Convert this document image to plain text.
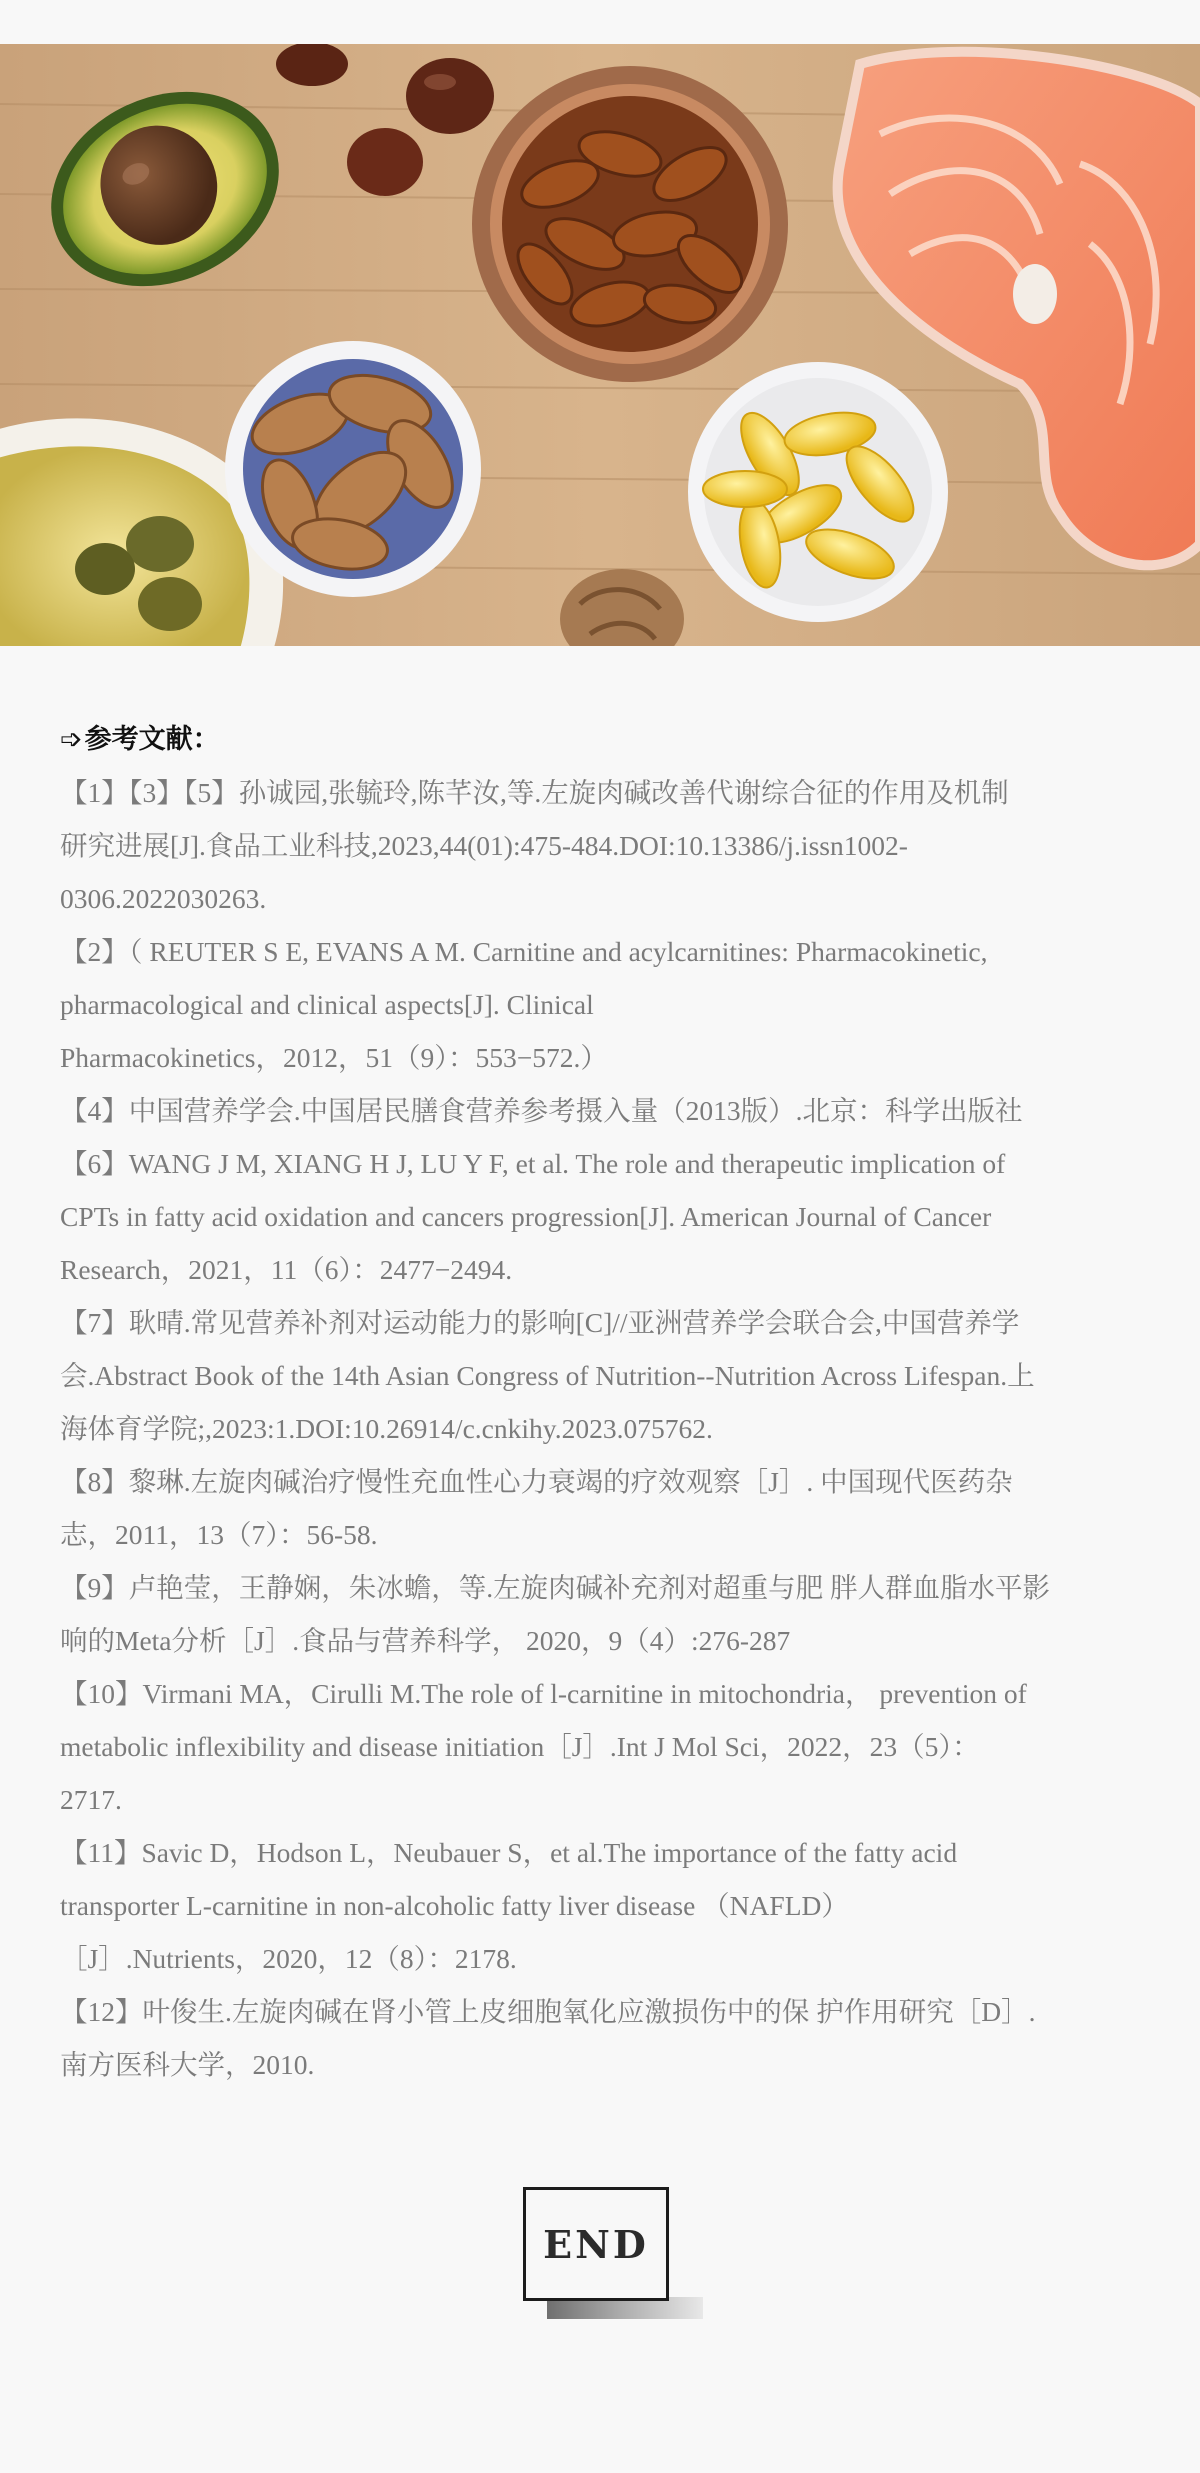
➩参考文献：
【1】【3】【5】孙诚园,张毓玲,陈芊汝,等.左旋肉碱改善代谢综合征的作用及机制
研究进展[J].食品工业科技,2023,44(01):475-484.DOI:10.13386/j.issn1002-
0306.2022030263.
【2】（ REUTER S E, EVANS A M. Carnitine and acylcarnitines: Pharmacokinetic,
pharmacological and clinical aspects[J]. Clinical
Pharmacokinetics，2012，51（9）：553−572.）
【4】中国营养学会.中国居民膳食营养参考摄入量（2013版）.北京：科学出版社
【6】WANG J M, XIANG H J, LU Y F, et al. The role and therapeutic implication of
CPTs in fatty acid oxidation and cancers progression[J]. American Journal of Cancer
Research，2021，11（6）：2477−2494.
【7】耿晴.常见营养补剂对运动能力的影响[C]//亚洲营养学会联合会,中国营养学
会.Abstract Book of the 14th Asian Congress of Nutrition--Nutrition Across Lifespan.上
海体育学院;,2023:1.DOI:10.26914/c.cnkihy.2023.075762.
【8】黎琳.左旋肉碱治疗慢性充血性心力衰竭的疗效观察［J］. 中国现代医药杂
志，2011，13（7）：56-58.
【9】卢艳莹，王静娴，朱冰蟾，等.左旋肉碱补充剂对超重与肥 胖人群血脂水平影
响的Meta分析［J］.食品与营养科学， 2020，9（4）:276-287
【10】Virmani MA，Cirulli M.The role of l-carnitine in mitochondria， prevention of
metabolic inflexibility and disease initiation［J］.Int J Mol Sci，2022，23（5）：
2717.
【11】Savic D，Hodson L，Neubauer S，et al.The importance of the fatty acid
transporter L-carnitine in non-alcoholic fatty liver disease （NAFLD）
［J］.Nutrients，2020，12（8）：2178.
【12】叶俊生.左旋肉碱在肾小管上皮细胞氧化应激损伤中的保 护作用研究［D］.
南方医科大学，2010.
END
